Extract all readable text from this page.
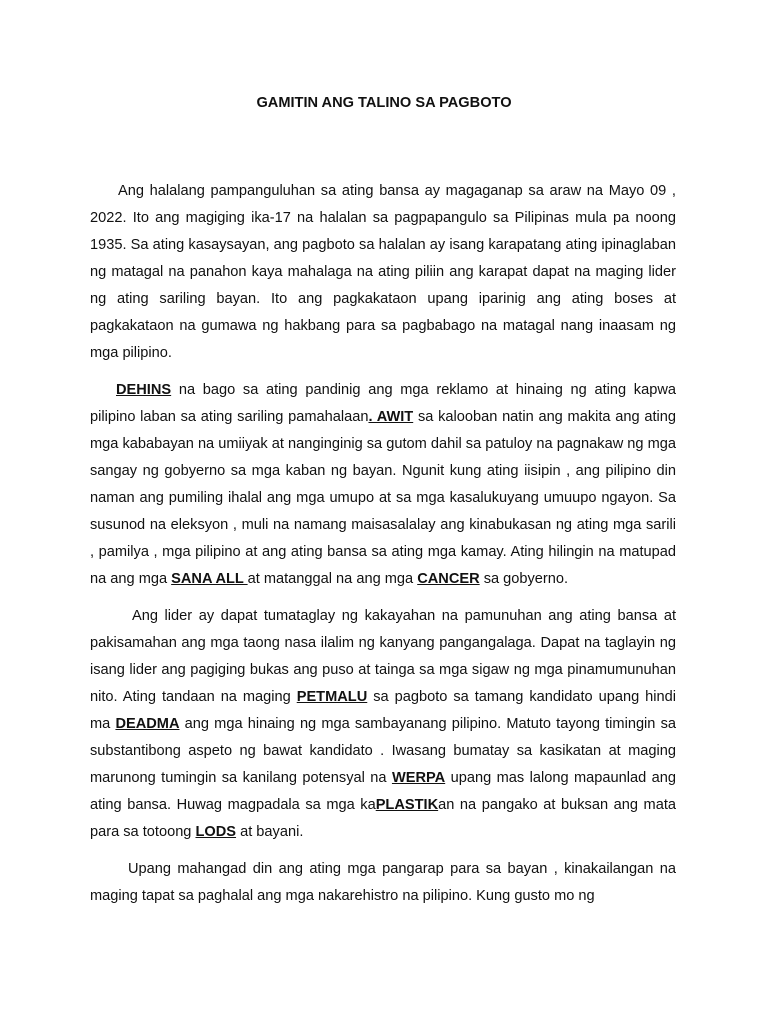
GAMITIN ANG TALINO SA PAGBOTO

Ang halalang pampanguluhan sa ating bansa ay magaganap sa araw na Mayo 09 , 2022. Ito ang magiging ika-17 na halalan sa pagpapangulo sa Pilipinas mula pa noong 1935. Sa ating kasaysayan, ang pagboto sa halalan ay isang karapatang ating ipinaglaban ng matagal na panahon kaya mahalaga na ating piliin ang karapat dapat na maging lider ng ating sariling bayan. Ito ang pagkakataon upang iparinig ang ating boses at pagkakataon na gumawa ng hakbang para sa pagbabago na matagal nang inaasam ng mga pilipino.

DEHINS na bago sa ating pandinig ang mga reklamo at hinaing ng ating kapwa pilipino laban sa ating sariling pamahalaan. AWIT sa kalooban natin ang makita ang ating mga kababayan na umiiyak at nanginginig sa gutom dahil sa patuloy na pagnakaw ng mga sangay ng gobyerno sa mga kaban ng bayan. Ngunit kung ating iisipin , ang pilipino din naman ang pumiling ihalal ang mga umupo at sa mga kasalukuyang umuupo ngayon. Sa susunod na eleksyon , muli na namang maisasalalay ang kinabukasan ng ating mga sarili , pamilya , mga pilipino at ang ating bansa sa ating mga kamay. Ating hilingin na matupad na ang mga SANA ALL at matanggal na ang mga CANCER sa gobyerno.

Ang lider ay dapat tumataglay ng kakayahan na pamunuhan ang ating bansa at pakisamahan ang mga taong nasa ilalim ng kanyang pangangalaga. Dapat na taglayin ng isang lider ang pagiging bukas ang puso at tainga sa mga sigaw ng mga pinamumunuhan nito. Ating tandaan na maging PETMALU sa pagboto sa tamang kandidato upang hindi ma DEADMA ang mga hinaing ng mga sambayanang pilipino. Matuto tayong timingin sa substantibong aspeto ng bawat kandidato . Iwasang bumatay sa kasikatan at maging marunong tumingin sa kanilang potensyal na WERPA upang mas lalong mapaunlad ang ating bansa. Huwag magpadala sa mga kaPLASTIKan na pangako at buksan ang mata para sa totoong LODS at bayani.

Upang mahangad din ang ating mga pangarap para sa bayan , kinakailangan na maging tapat sa paghalal ang mga nakarehistro na pilipino. Kung gusto mo ng
